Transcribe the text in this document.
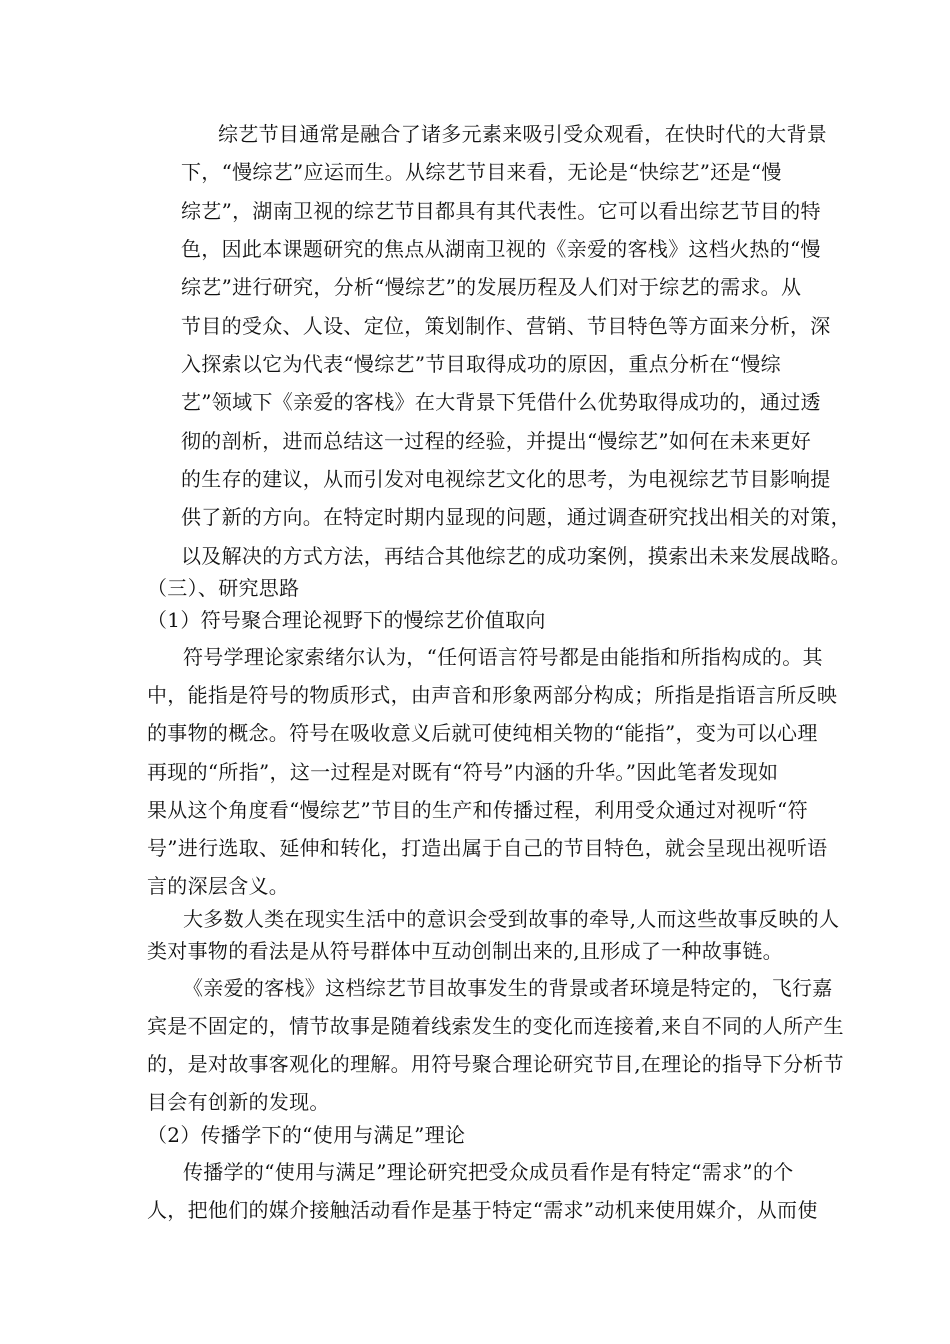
综艺节目通常是融合了诸多元素来吸引受众观看，在快时代的大背景
下，“慢综艺”应运而生。从综艺节目来看，无论是“快综艺”还是“慢
综艺”，湖南卫视的综艺节目都具有其代表性。它可以看出综艺节目的特
色，因此本课题研究的焦点从湖南卫视的《亲爱的客栈》这档火热的“慢
综艺”进行研究，分析“慢综艺”的发展历程及人们对于综艺的需求。从
节目的受众、人设、定位，策划制作、营销、节目特色等方面来分析，深
入探索以它为代表“慢综艺”节目取得成功的原因，重点分析在“慢综
艺”领域下《亲爱的客栈》在大背景下凭借什么优势取得成功的，通过透
彻的剖析，进而总结这一过程的经验，并提出“慢综艺”如何在未来更好
的生存的建议，从而引发对电视综艺文化的思考，为电视综艺节目影响提
供了新的方向。在特定时期内显现的问题，通过调查研究找出相关的对策，
以及解决的方式方法，再结合其他综艺的成功案例，摸索出未来发展战略。
（三）、研究思路
（1）符号聚合理论视野下的慢综艺价值取向
符号学理论家索绪尔认为，“任何语言符号都是由能指和所指构成的。其
中，能指是符号的物质形式，由声音和形象两部分构成；所指是指语言所反映
的事物的概念。符号在吸收意义后就可使纯相关物的“能指”，变为可以心理
再现的“所指”，这一过程是对既有“符号”内涵的升华。”因此笔者发现如
果从这个角度看“慢综艺”节目的生产和传播过程，利用受众通过对视听“符
号”进行选取、延伸和转化，打造出属于自己的节目特色，就会呈现出视听语
言的深层含义。
大多数人类在现实生活中的意识会受到故事的牵导,人而这些故事反映的人
类对事物的看法是从符号群体中互动创制出来的,且形成了一种故事链。
《亲爱的客栈》这档综艺节目故事发生的背景或者环境是特定的，飞行嘉
宾是不固定的，情节故事是随着线索发生的变化而连接着,来自不同的人所产生
的，是对故事客观化的理解。用符号聚合理论研究节目,在理论的指导下分析节
目会有创新的发现。
（2）传播学下的“使用与满足”理论
传播学的“使用与满足”理论研究把受众成员看作是有特定“需求”的个
人，把他们的媒介接触活动看作是基于特定“需求”动机来使用媒介，从而使
